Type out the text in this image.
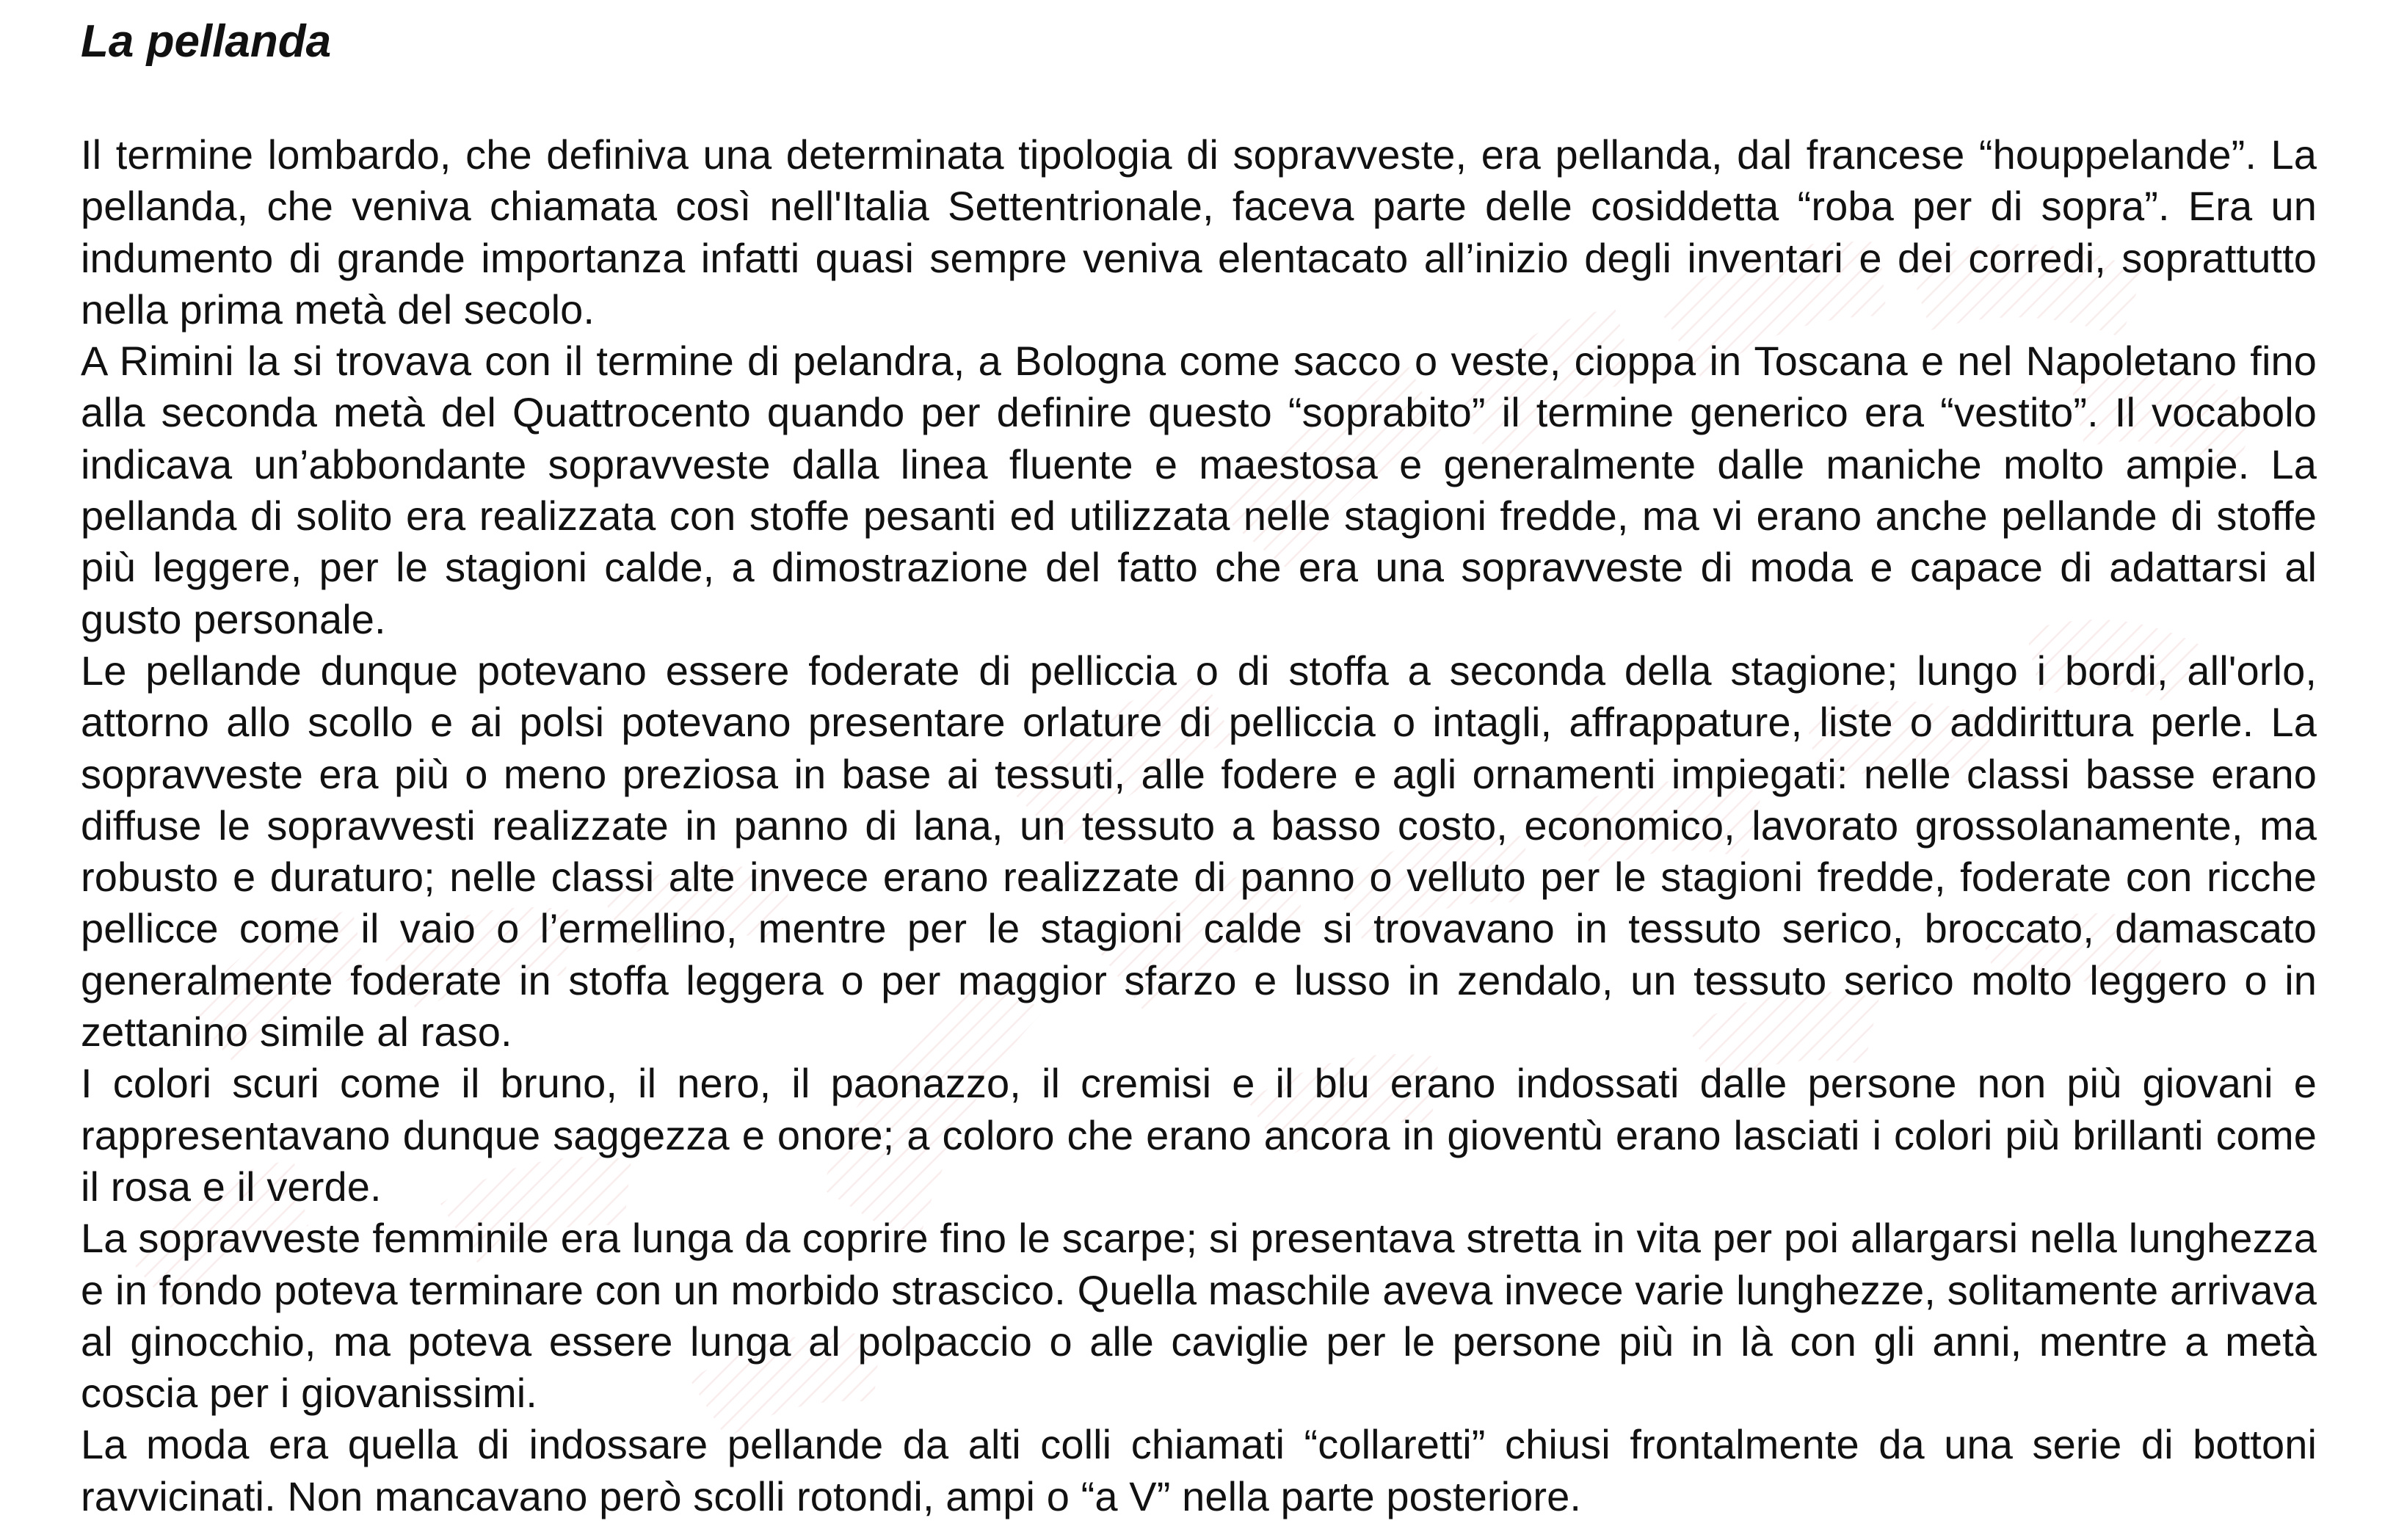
La pellanda

Il termine lombardo, che definiva una determinata tipologia di sopravveste, era pellanda, dal francese “houppelande”. La pellanda, che veniva chiamata così nell'Italia Settentrionale, faceva parte delle cosiddetta “roba per di sopra”. Era un indumento di grande importanza infatti quasi sempre veniva elentacato all’inizio degli inventari e dei corredi, soprattutto nella prima metà del secolo.

A Rimini la si trovava con il termine di pelandra, a Bologna come sacco o veste, cioppa in Toscana e nel Napoletano fino alla seconda metà del Quattrocento quando per definire questo “soprabito” il termine generico era “vestito”. Il vocabolo indicava un’abbondante sopravveste dalla linea fluente e maestosa e generalmente dalle maniche molto ampie. La pellanda di solito era realizzata con stoffe pesanti ed utilizzata nelle stagioni fredde, ma vi erano anche pellande di stoffe più leggere, per le stagioni calde, a dimostrazione del fatto che era una sopravveste di moda e capace di adattarsi al gusto personale.

Le pellande dunque potevano essere foderate di pelliccia o di stoffa a seconda della stagione; lungo i bordi, all'orlo, attorno allo scollo e ai polsi potevano presentare orlature di pelliccia o intagli, affrappature, liste o addirittura perle. La sopravveste era più o meno preziosa in base ai tessuti, alle fodere e agli ornamenti impiegati: nelle classi basse erano diffuse le sopravvesti realizzate in panno di lana, un tessuto a basso costo, economico, lavorato grossolanamente, ma robusto e duraturo; nelle classi alte invece erano realizzate di panno o velluto per le stagioni fredde, foderate con ricche pellicce come il vaio o l’ermellino, mentre per le stagioni calde si trovavano in tessuto serico, broccato, damascato generalmente foderate in stoffa leggera o per maggior sfarzo e lusso in zendalo, un tessuto serico molto leggero o in zettanino simile al raso.

I colori scuri come il bruno, il nero, il paonazzo, il cremisi e il blu erano indossati dalle persone non più giovani e rappresentavano dunque saggezza e onore; a coloro che erano ancora in gioventù erano lasciati i colori più brillanti come il rosa e il verde.

La sopravveste femminile era lunga da coprire fino le scarpe; si presentava stretta in vita per poi allargarsi nella lunghezza e in fondo poteva terminare con un morbido strascico. Quella maschile aveva invece varie lunghezze, solitamente arrivava al ginocchio, ma poteva essere lunga al polpaccio o alle caviglie per le persone più in là con gli anni, mentre a metà coscia per i giovanissimi.

La moda era quella di indossare pellande da alti colli chiamati “collaretti” chiusi frontalmente da una serie di bottoni ravvicinati. Non mancavano però scolli rotondi, ampi o “a V” nella parte posteriore.
